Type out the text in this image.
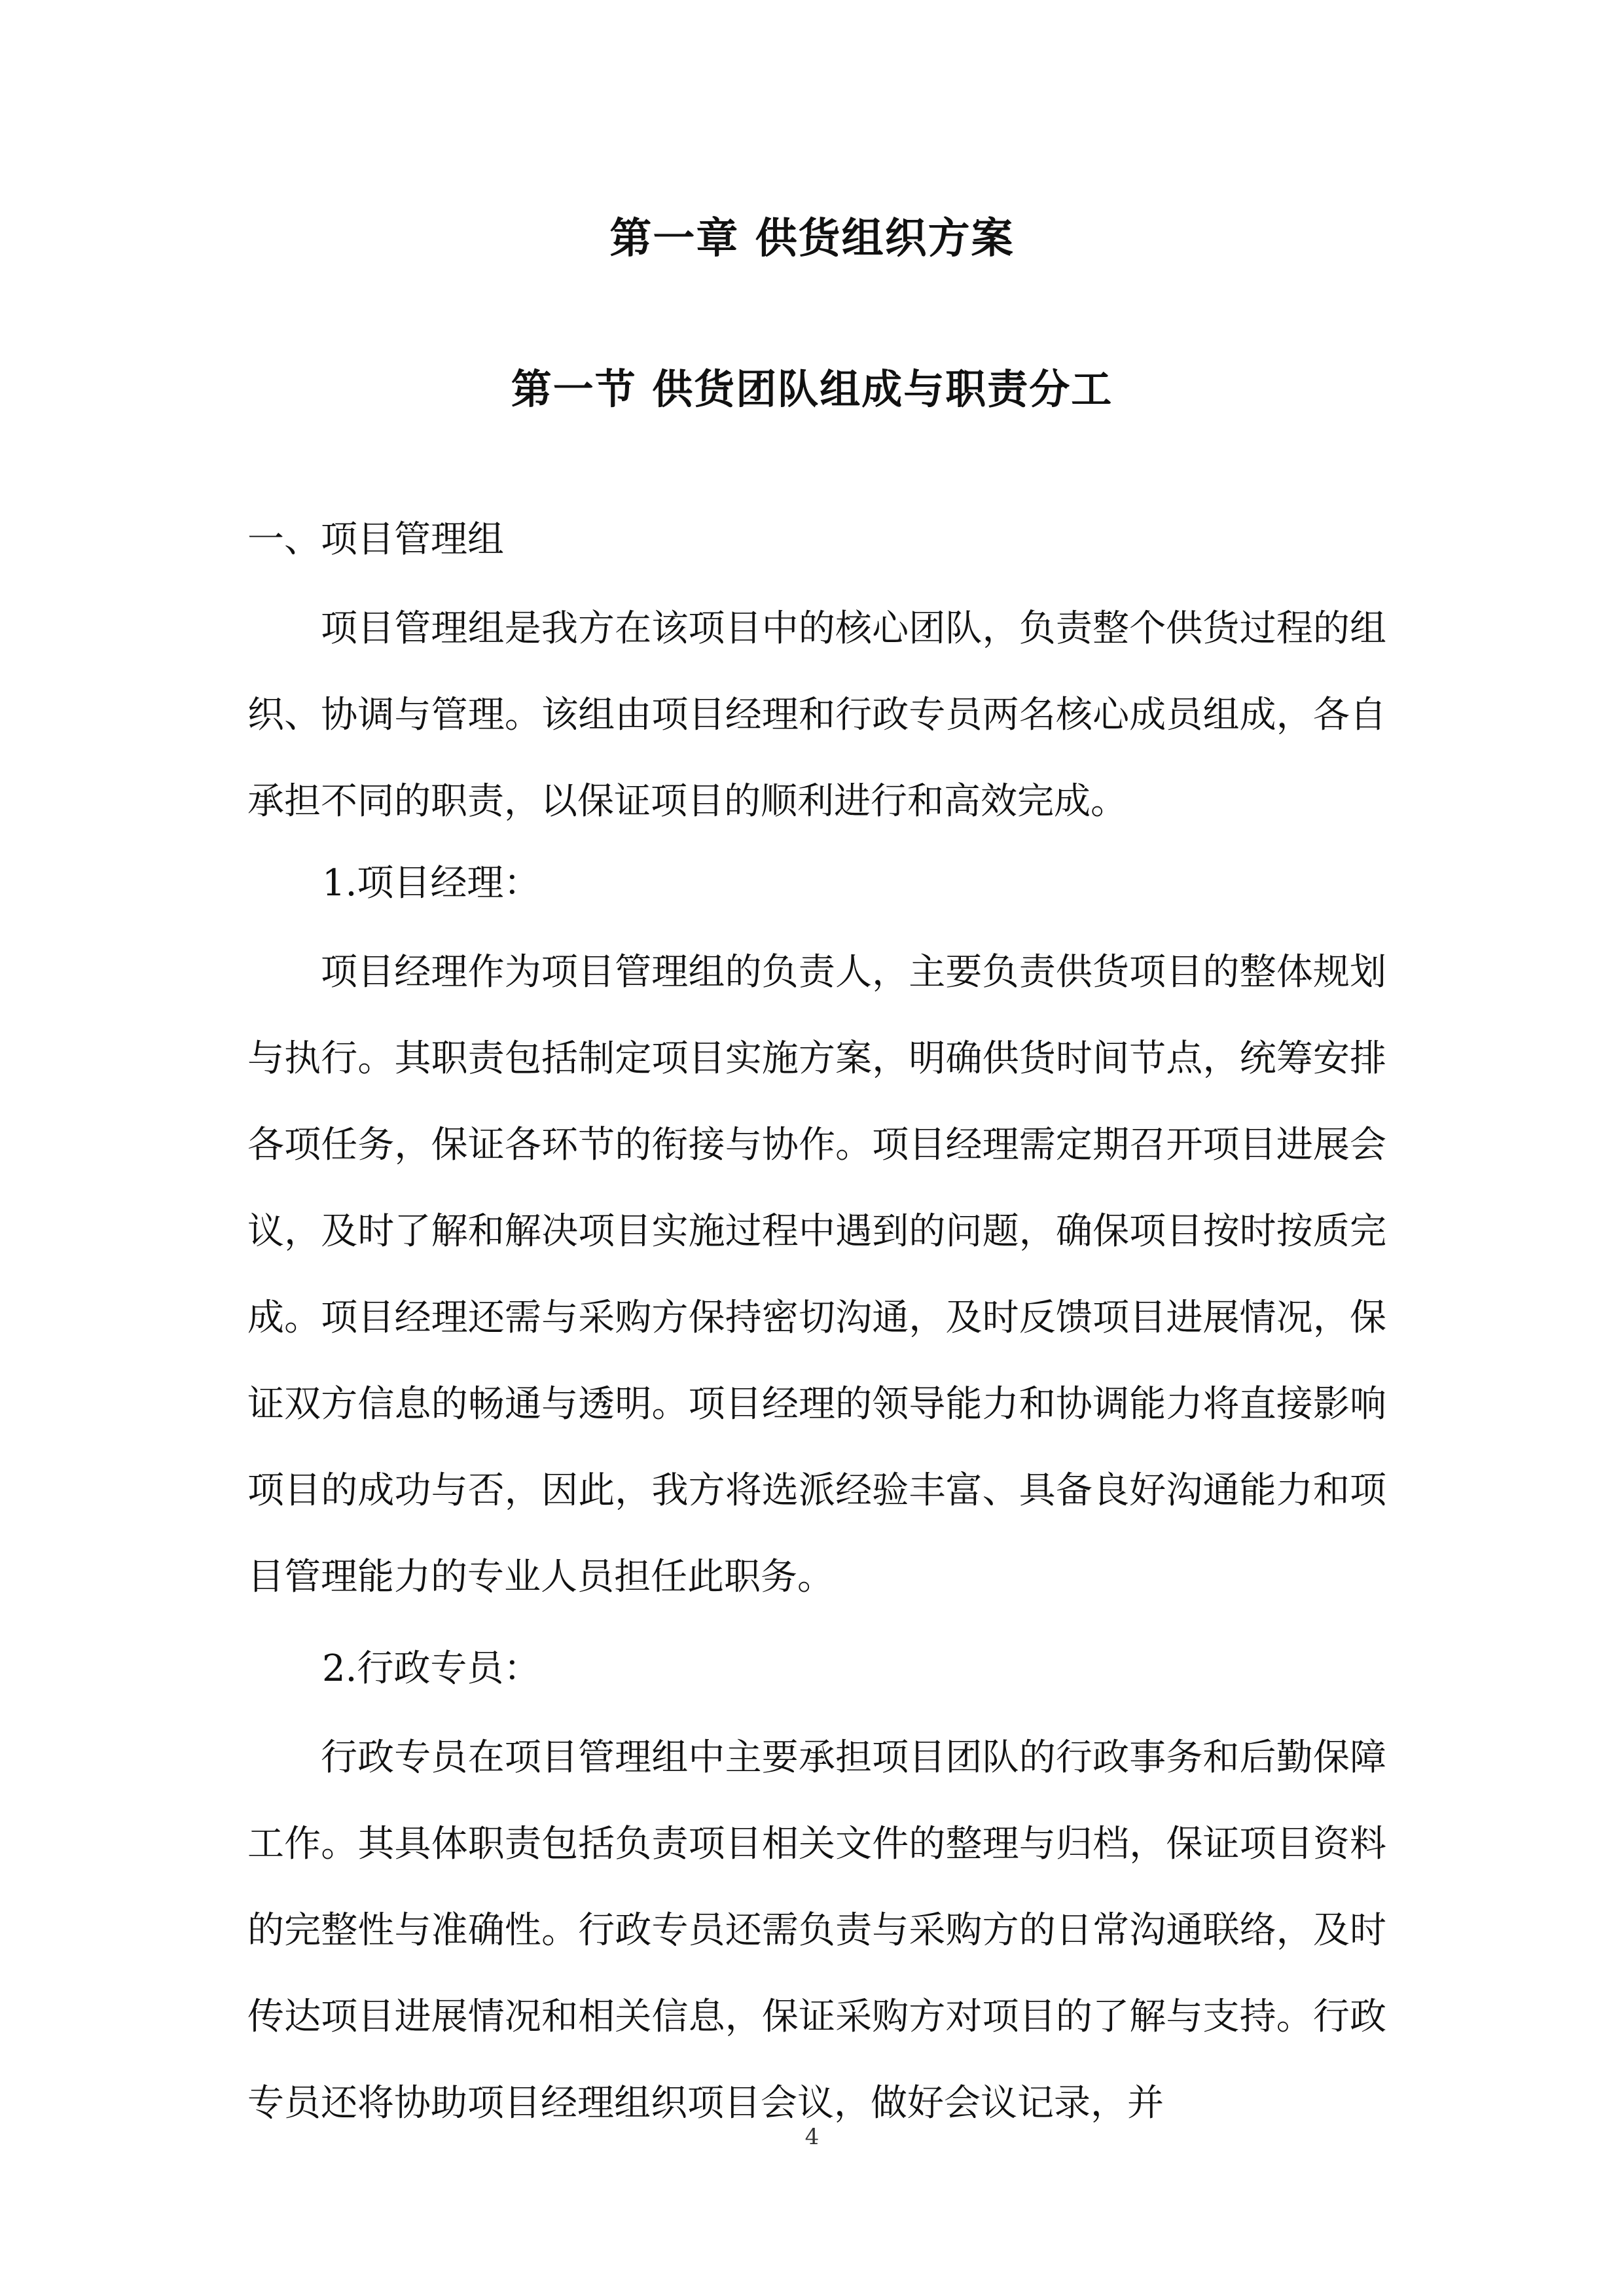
第一章 供货组织方案
第一节 供货团队组成与职责分工
一、项目管理组

项目管理组是我方在该项目中的核心团队，负责整个供货过程的组织、协调与管理。该组由项目经理和行政专员两名核心成员组成，各自承担不同的职责，以保证项目的顺利进行和高效完成。

1.项目经理：

项目经理作为项目管理组的负责人，主要负责供货项目的整体规划与执行。其职责包括制定项目实施方案，明确供货时间节点，统筹安排各项任务，保证各环节的衔接与协作。项目经理需定期召开项目进展会议，及时了解和解决项目实施过程中遇到的问题，确保项目按时按质完成。项目经理还需与采购方保持密切沟通，及时反馈项目进展情况，保证双方信息的畅通与透明。项目经理的领导能力和协调能力将直接影响项目的成功与否，因此，我方将选派经验丰富、具备良好沟通能力和项目管理能力的专业人员担任此职务。

2.行政专员：

行政专员在项目管理组中主要承担项目团队的行政事务和后勤保障工作。其具体职责包括负责项目相关文件的整理与归档，保证项目资料的完整性与准确性。行政专员还需负责与采购方的日常沟通联络，及时传达项目进展情况和相关信息，保证采购方对项目的了解与支持。行政专员还将协助项目经理组织项目会议，做好会议记录，并

4
